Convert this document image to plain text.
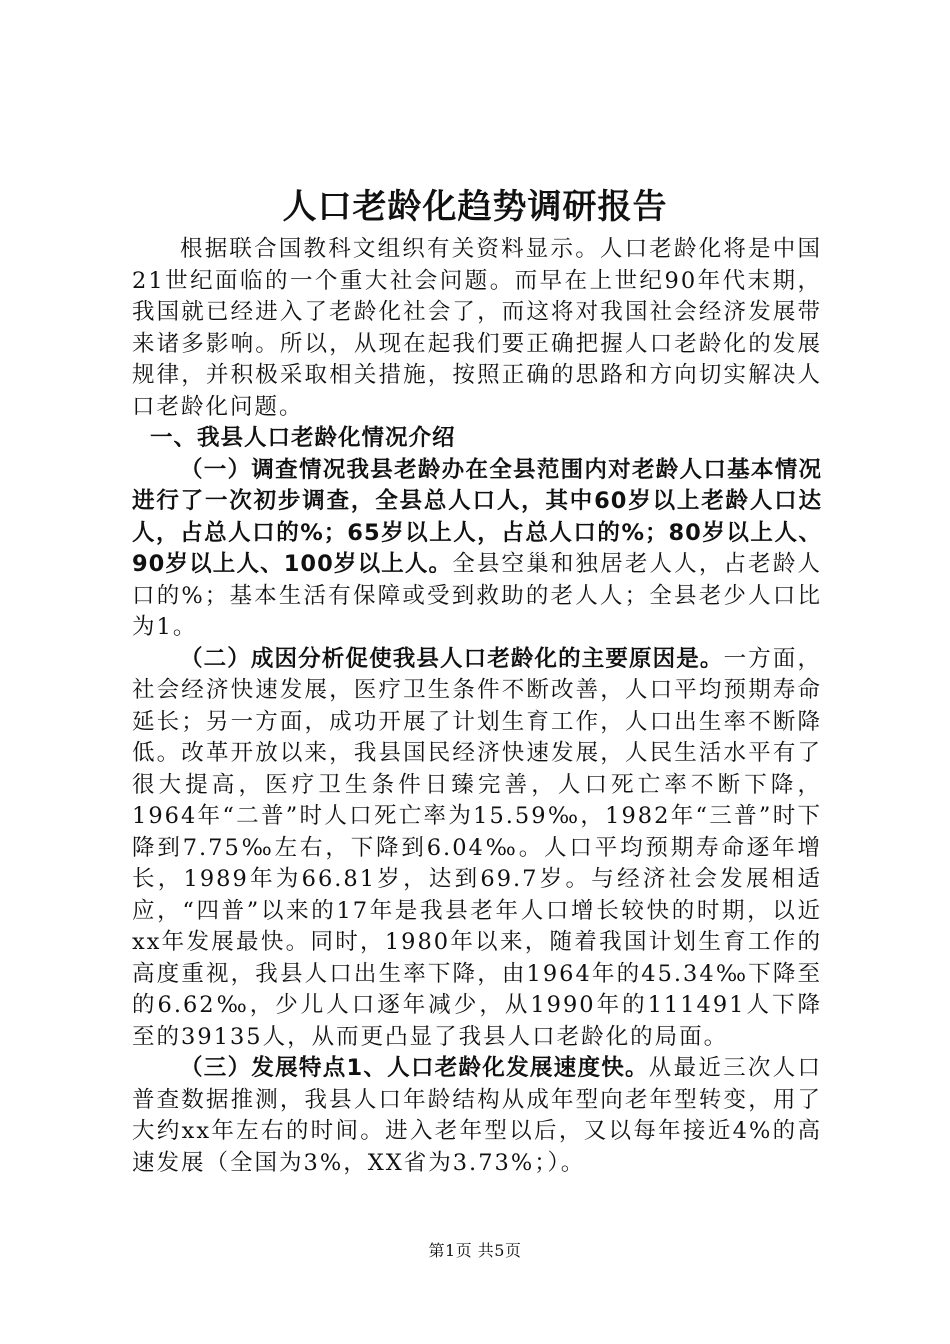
人口老龄化趋势调研报告

根据联合国教科文组织有关资料显示。人口老龄化将是中国21世纪面临的一个重大社会问题。而早在上世纪90年代末期，我国就已经进入了老龄化社会了，而这将对我国社会经济发展带来诸多影响。所以，从现在起我们要正确把握人口老龄化的发展规律，并积极采取相关措施，按照正确的思路和方向切实解决人口老龄化问题。

一、我县人口老龄化情况介绍

（一）调查情况我县老龄办在全县范围内对老龄人口基本情况进行了一次初步调查，全县总人口人，其中60岁以上老龄人口达人，占总人口的%；65岁以上人，占总人口的%；80岁以上人、90岁以上人、100岁以上人。全县空巢和独居老人人，占老龄人口的%；基本生活有保障或受到救助的老人人；全县老少人口比为1。

（二）成因分析促使我县人口老龄化的主要原因是。一方面，社会经济快速发展，医疗卫生条件不断改善，人口平均预期寿命延长；另一方面，成功开展了计划生育工作，人口出生率不断降低。改革开放以来，我县国民经济快速发展，人民生活水平有了很大提高，医疗卫生条件日臻完善，人口死亡率不断下降，1964年“二普”时人口死亡率为15.59‰，1982年“三普”时下降到7.75‰左右，下降到6.04‰。人口平均预期寿命逐年增长，1989年为66.81岁，达到69.7岁。与经济社会发展相适应，“四普”以来的17年是我县老年人口增长较快的时期，以近xx年发展最快。同时，1980年以来，随着我国计划生育工作的高度重视，我县人口出生率下降，由1964年的45.34‰下降至的6.62‰，少儿人口逐年减少，从1990年的111491人下降至的39135人，从而更凸显了我县人口老龄化的局面。

（三）发展特点1、人口老龄化发展速度快。从最近三次人口普查数据推测，我县人口年龄结构从成年型向老年型转变，用了大约xx年左右的时间。进入老年型以后，又以每年接近4%的高速发展（全国为3%，XX省为3.73%；）。

第1页 共5页
